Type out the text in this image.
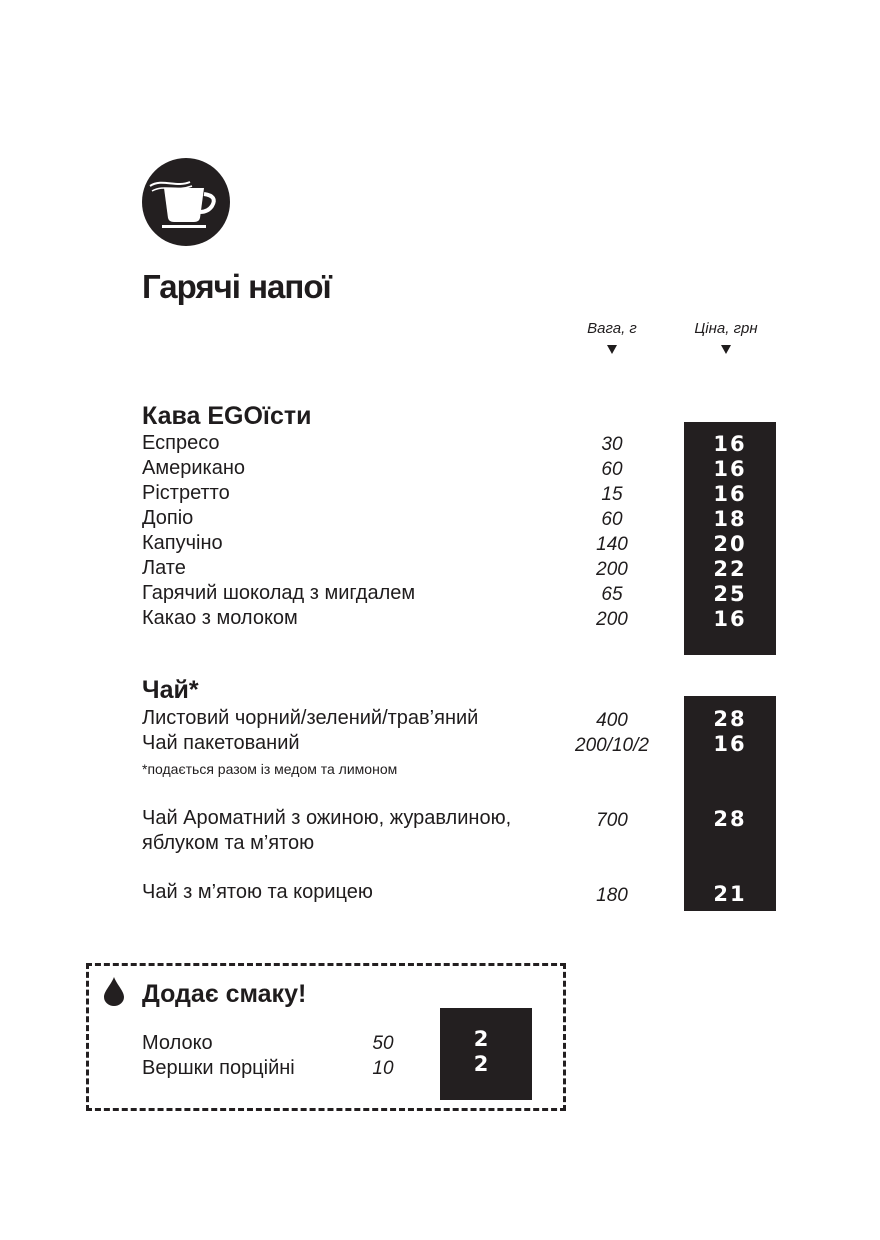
Гарячі напої
Вага, г	Ціна, грн
Кава EGOїсти
Еспресо	30	16
Американо	60	16
Рістретто	15	16
Допіо	60	18
Капучіно	140	20
Лате	200	22
Гарячий шоколад з мигдалем	65	25
Какао з молоком	200	16
Чай*
Листовий чорний/зелений/трав’яний	400	28
Чай пакетований	200/10/2	16
*подається разом із медом та лимоном
Чай Ароматний з ожиною, журавлиною,
яблуком та м’ятою
700	28
Чай з м’ятою та корицею	180	21
Додає смаку!
Молоко	50	2
Вершки порційні	10	2
